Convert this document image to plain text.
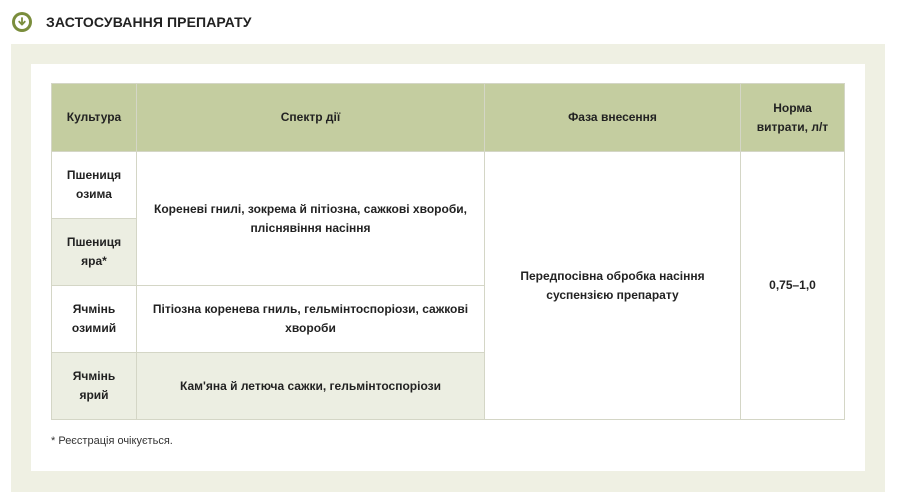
ЗАСТОСУВАННЯ ПРЕПАРАТУ
Культура	Спектр дії	Фаза внесення	Норма витрати, л/т
Пшениця озима	Кореневі гнилі, зокрема й пітіозна, сажкові хвороби, пліснявіння насіння	Передпосівна обробка насіння суспензією препарату	0,75–1,0
Пшениця яра*			
Ячмінь озимий	Пітіозна коренева гниль, гельмінтоспоріози, сажкові хвороби		
Ячмінь ярий	Кам'яна й летюча сажки, гельмінтоспоріози		
* Реєстрація очікується.
